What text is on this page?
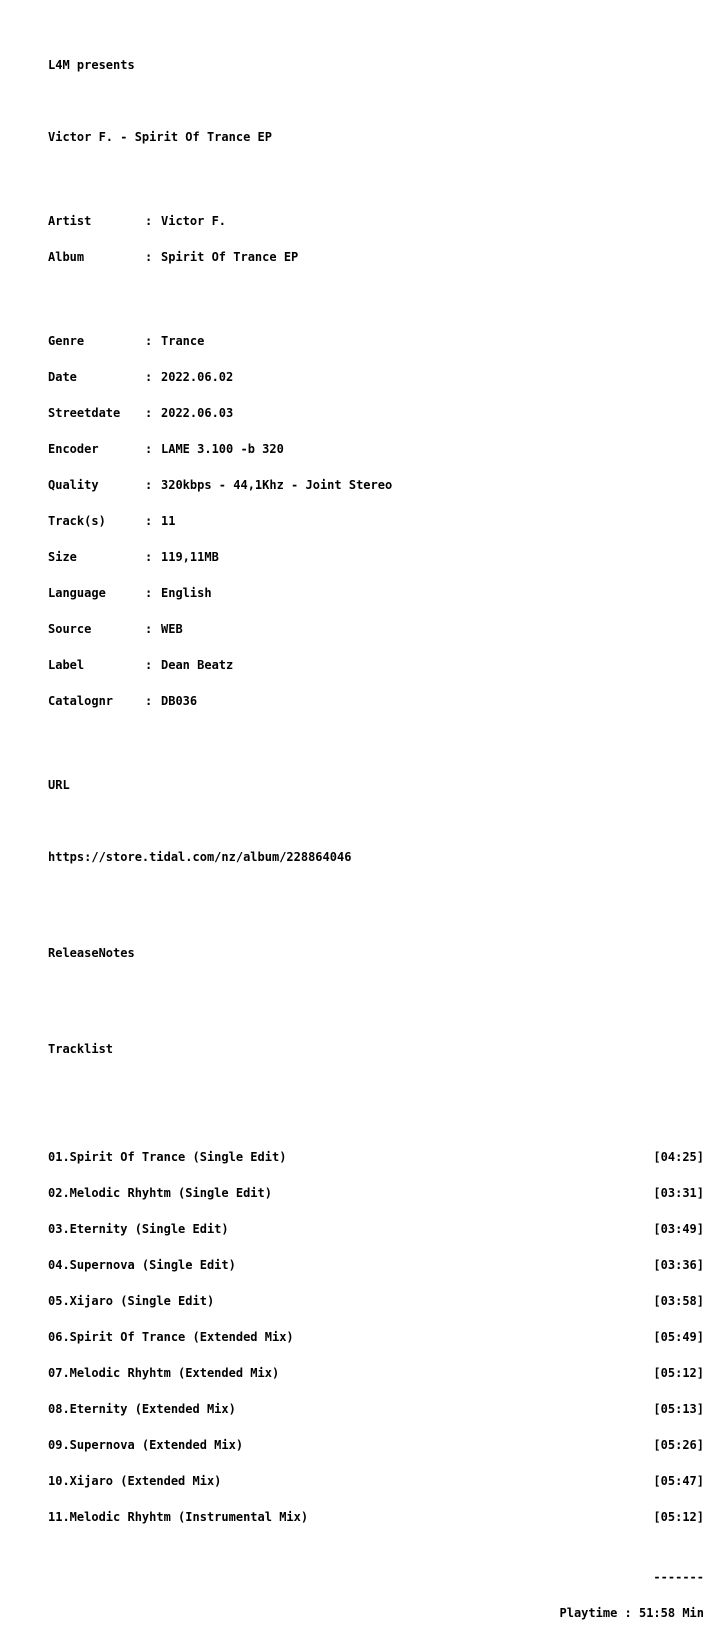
L4M presents

Victor F. - Spirit Of Trance EP

Artist	: Victor F.

Album	: Spirit Of Trance EP

Genre	: Trance

Date	: 2022.06.02

Streetdate	: 2022.06.03

Encoder	: LAME 3.100 -b 320

Quality	: 320kbps - 44,1Khz - Joint Stereo

Track(s)	: 11

Size	: 119,11MB

Language	: English

Source	: WEB

Label	: Dean Beatz

Catalognr	: DB036

URL

https://store.tidal.com/nz/album/228864046

ReleaseNotes

Tracklist

01.Spirit Of Trance (Single Edit)	[04:25]

02.Melodic Rhyhtm (Single Edit)	[03:31]

03.Eternity (Single Edit)	[03:49]

04.Supernova (Single Edit)	[03:36]

05.Xijaro (Single Edit)	[03:58]

06.Spirit Of Trance (Extended Mix)	[05:49]

07.Melodic Rhyhtm (Extended Mix)	[05:12]

08.Eternity (Extended Mix)	[05:13]

09.Supernova (Extended Mix)	[05:26]

10.Xijaro (Extended Mix)	[05:47]

11.Melodic Rhyhtm (Instrumental Mix)	[05:12]

-------

Playtime : 51:58 Min
